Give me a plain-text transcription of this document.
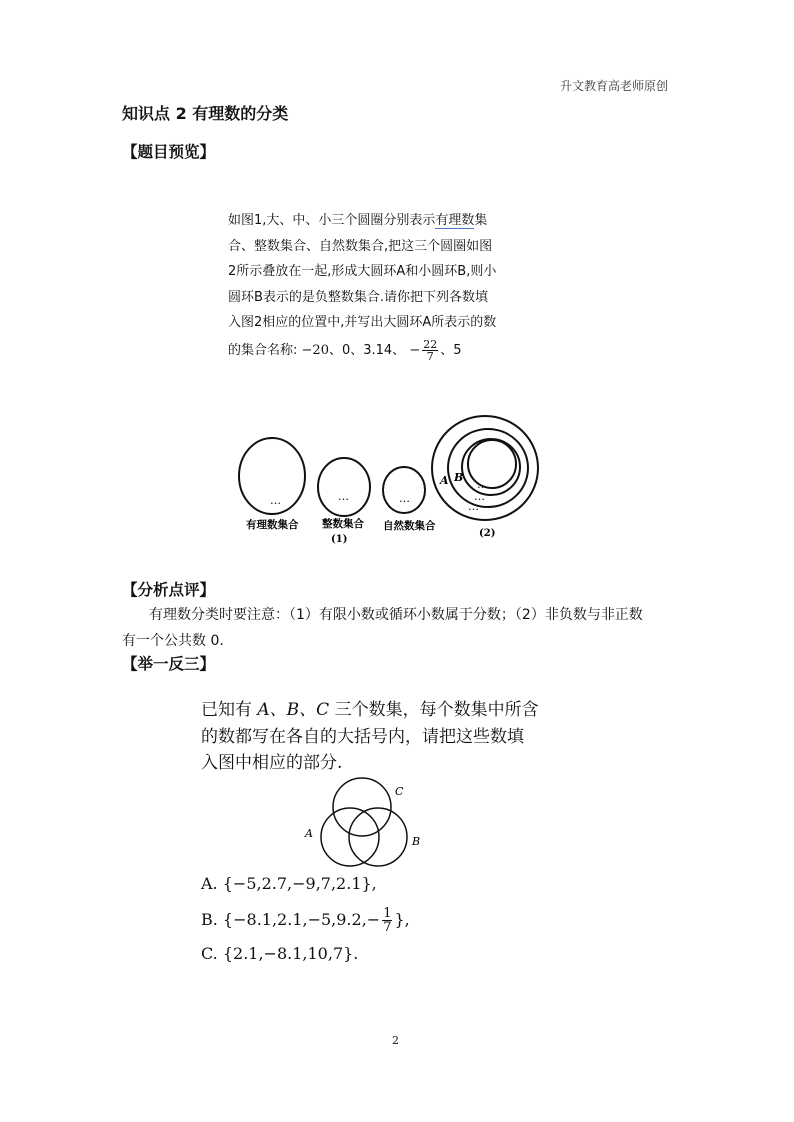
升文教育高老师原创
知识点 2 有理数的分类
【题目预览】
如图1,大、中、小三个圆圈分别表示有理数集
合、整数集合、自然数集合,把这三个圆圈如图
2所示叠放在一起,形成大圆环A和小圆环B,则小
圆环B表示的是负整数集合.请你把下列各数填
入图2相应的位置中,并写出大圆环A所表示的数
的集合名称: −20、0、3.14、 − $\frac{22}{7}$ 、5
…	…	…
有理数集合 整数集合 自然数集合
(1)
A B
…
…
…
(2)
【分析点评】
有理数分类时要注意：（1）有限小数或循环小数属于分数；（2）非负数与非正数
有一个公共数 0.
【举一反三】
已知有 A、B、C 三个数集，每个数集中所含
的数都写在各自的大括号内，请把这些数填
入图中相应的部分.
A
B
C
A. {−5,2.7,−9,7,2.1},
B. {$-8.1,2.1,-5,9.2,- \frac{1}{7}$ },
C. {2.1,−8.1,10,7}.
2
